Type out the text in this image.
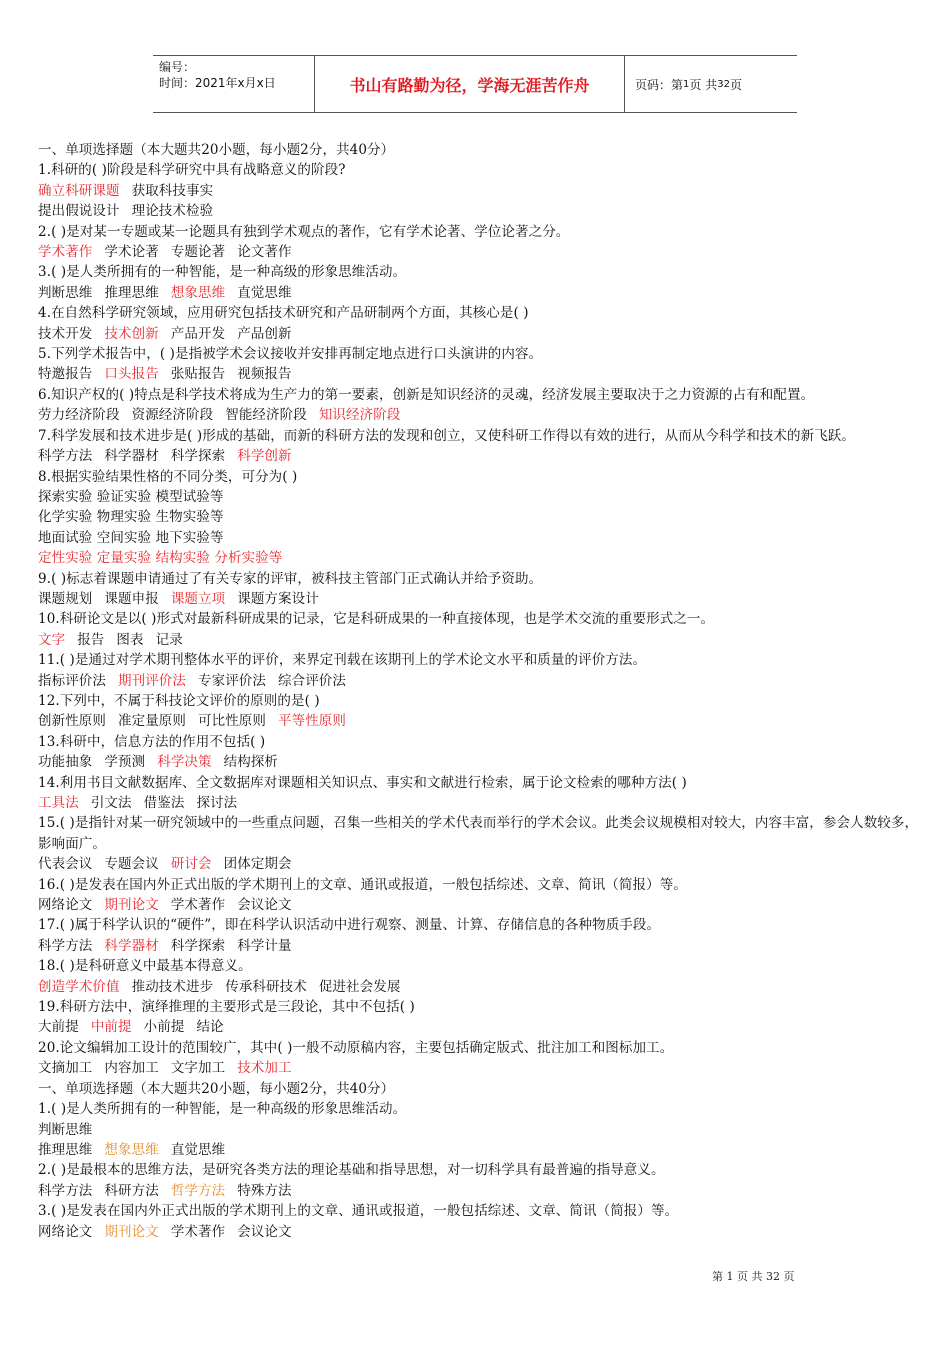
编号：
时间：2021年x月x日	书山有路勤为径，学海无涯苦作舟	页码：第 1 页 共 32 页
一、单项选择题（本大题共20小题，每小题2分，共40分）
1.科研的( )阶段是科学研究中具有战略意义的阶段?
确立科研课题 获取科技事实
提出假说设计 理论技术检验
2.( )是对某一专题或某一论题具有独到学术观点的著作，它有学术论著、学位论著之分。
学术著作 学术论著 专题论著 论文著作
3.( )是人类所拥有的一种智能，是一种高级的形象思维活动。
判断思维 推理思维 想象思维 直觉思维
4.在自然科学研究领域，应用研究包括技术研究和产品研制两个方面，其核心是( )
技术开发 技术创新 产品开发 产品创新
5.下列学术报告中，( )是指被学术会议接收并安排再制定地点进行口头演讲的内容。
特邀报告 口头报告 张贴报告 视频报告
6.知识产权的( )特点是科学技术将成为生产力的第一要素，创新是知识经济的灵魂，经济发展主要取决于之力资源的占有和配置。
劳力经济阶段 资源经济阶段 智能经济阶段 知识经济阶段
7.科学发展和技术进步是( )形成的基础，而新的科研方法的发现和创立，又使科研工作得以有效的进行，从而从今科学和技术的新飞跃。
科学方法 科学器材 科学探索 科学创新
8.根据实验结果性格的不同分类，可分为( )
探索实验 验证实验 模型试验等
化学实验 物理实验 生物实验等
地面试验 空间实验 地下实验等
定性实验 定量实验 结构实验 分析实验等
9.( )标志着课题申请通过了有关专家的评审，被科技主管部门正式确认并给予资助。
课题规划 课题申报 课题立项 课题方案设计
10.科研论文是以( )形式对最新科研成果的记录，它是科研成果的一种直接体现，也是学术交流的重要形式之一。
文字 报告 图表 记录
11.( )是通过对学术期刊整体水平的评价，来界定刊载在该期刊上的学术论文水平和质量的评价方法。
指标评价法 期刊评价法 专家评价法 综合评价法
12.下列中，不属于科技论文评价的原则的是( )
创新性原则 准定量原则 可比性原则 平等性原则
13.科研中，信息方法的作用不包括( )
功能抽象 学预测 科学决策 结构探析
14.利用书目文献数据库、全文数据库对课题相关知识点、事实和文献进行检索，属于论文检索的哪种方法( )
工具法 引文法 借鉴法 探讨法
15.( )是指针对某一研究领域中的一些重点问题，召集一些相关的学术代表而举行的学术会议。此类会议规模相对较大，内容丰富，参会人数较多，影响面广。
代表会议 专题会议 研讨会 团体定期会
16.( )是发表在国内外正式出版的学术期刊上的文章、通讯或报道，一般包括综述、文章、简讯（简报）等。
网络论文 期刊论文 学术著作 会议论文
17.( )属于科学认识的“硬件”，即在科学认识活动中进行观察、测量、计算、存储信息的各种物质手段。
科学方法 科学器材 科学探索 科学计量
18.( )是科研意义中最基本得意义。
创造学术价值 推动技术进步 传承科研技术 促进社会发展
19.科研方法中，演绎推理的主要形式是三段论，其中不包括( )
大前提 中前提 小前提 结论
20.论文编辑加工设计的范围较广，其中( )一般不动原稿内容，主要包括确定版式、批注加工和图标加工。
文摘加工 内容加工 文字加工 技术加工
一、单项选择题（本大题共20小题，每小题2分，共40分）
1.( )是人类所拥有的一种智能，是一种高级的形象思维活动。
判断思维
推理思维 想象思维 直觉思维
2.( )是最根本的思维方法，是研究各类方法的理论基础和指导思想，对一切科学具有最普遍的指导意义。
科学方法 科研方法 哲学方法 特殊方法
3.( )是发表在国内外正式出版的学术期刊上的文章、通讯或报道，一般包括综述、文章、简讯（简报）等。
网络论文 期刊论文 学术著作 会议论文
第 1 页 共 32 页
